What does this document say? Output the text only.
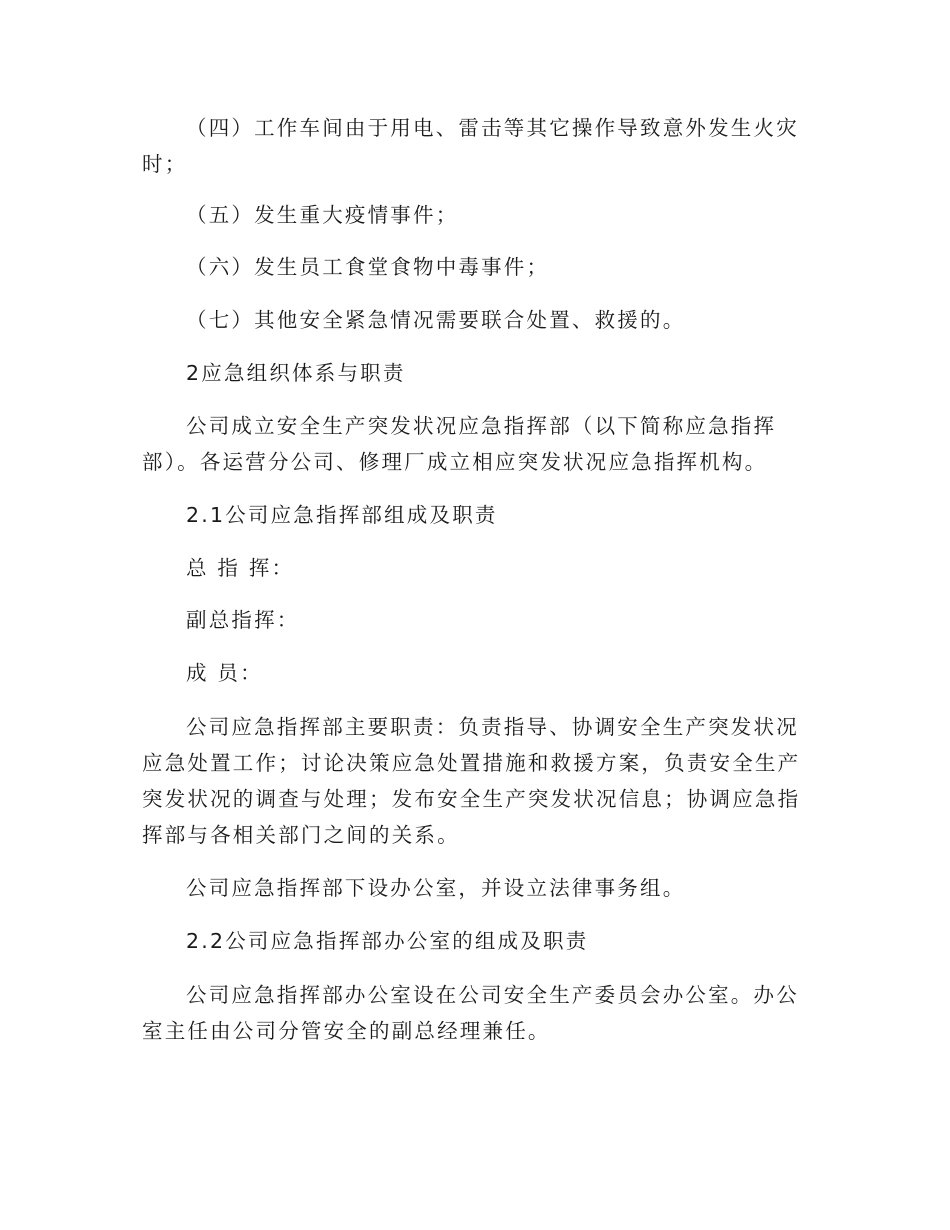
（四）工作车间由于用电、雷击等其它操作导致意外发生火灾时；

（五）发生重大疫情事件；

（六）发生员工食堂食物中毒事件；

（七）其他安全紧急情况需要联合处置、救援的。

2应急组织体系与职责

公司成立安全生产突发状况应急指挥部（以下简称应急指挥部）。各运营分公司、修理厂成立相应突发状况应急指挥机构。

2.1公司应急指挥部组成及职责

总 指 挥：

副总指挥：

成 员：

公司应急指挥部主要职责：负责指导、协调安全生产突发状况应急处置工作；讨论决策应急处置措施和救援方案，负责安全生产突发状况的调查与处理；发布安全生产突发状况信息；协调应急指挥部与各相关部门之间的关系。

公司应急指挥部下设办公室，并设立法律事务组。

2.2公司应急指挥部办公室的组成及职责

公司应急指挥部办公室设在公司安全生产委员会办公室。办公室主任由公司分管安全的副总经理兼任。
